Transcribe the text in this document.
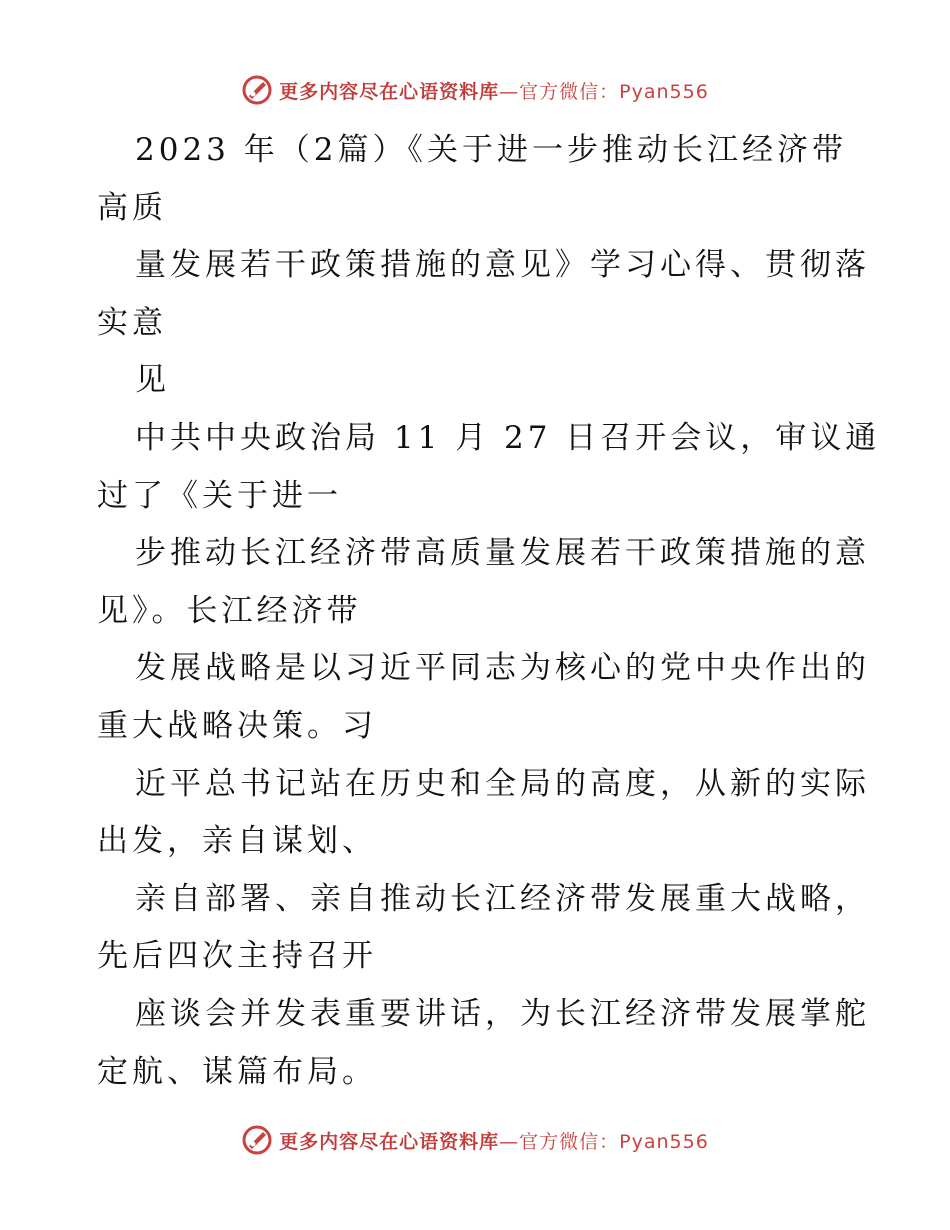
更多内容尽在心语资料库—官方微信：Pyan556
2023 年（2篇）《关于进一步推动长江经济带
高质
量发展若干政策措施的意见》学习心得、贯彻落
实意
见
中共中央政治局 11 月 27 日召开会议，审议通
过了《关于进一
步推动长江经济带高质量发展若干政策措施的意
见》。长江经济带
发展战略是以习近平同志为核心的党中央作出的
重大战略决策。习
近平总书记站在历史和全局的高度，从新的实际
出发，亲自谋划、
亲自部署、亲自推动长江经济带发展重大战略，
先后四次主持召开
座谈会并发表重要讲话，为长江经济带发展掌舵
定航、谋篇布局。
更多内容尽在心语资料库—官方微信：Pyan556
